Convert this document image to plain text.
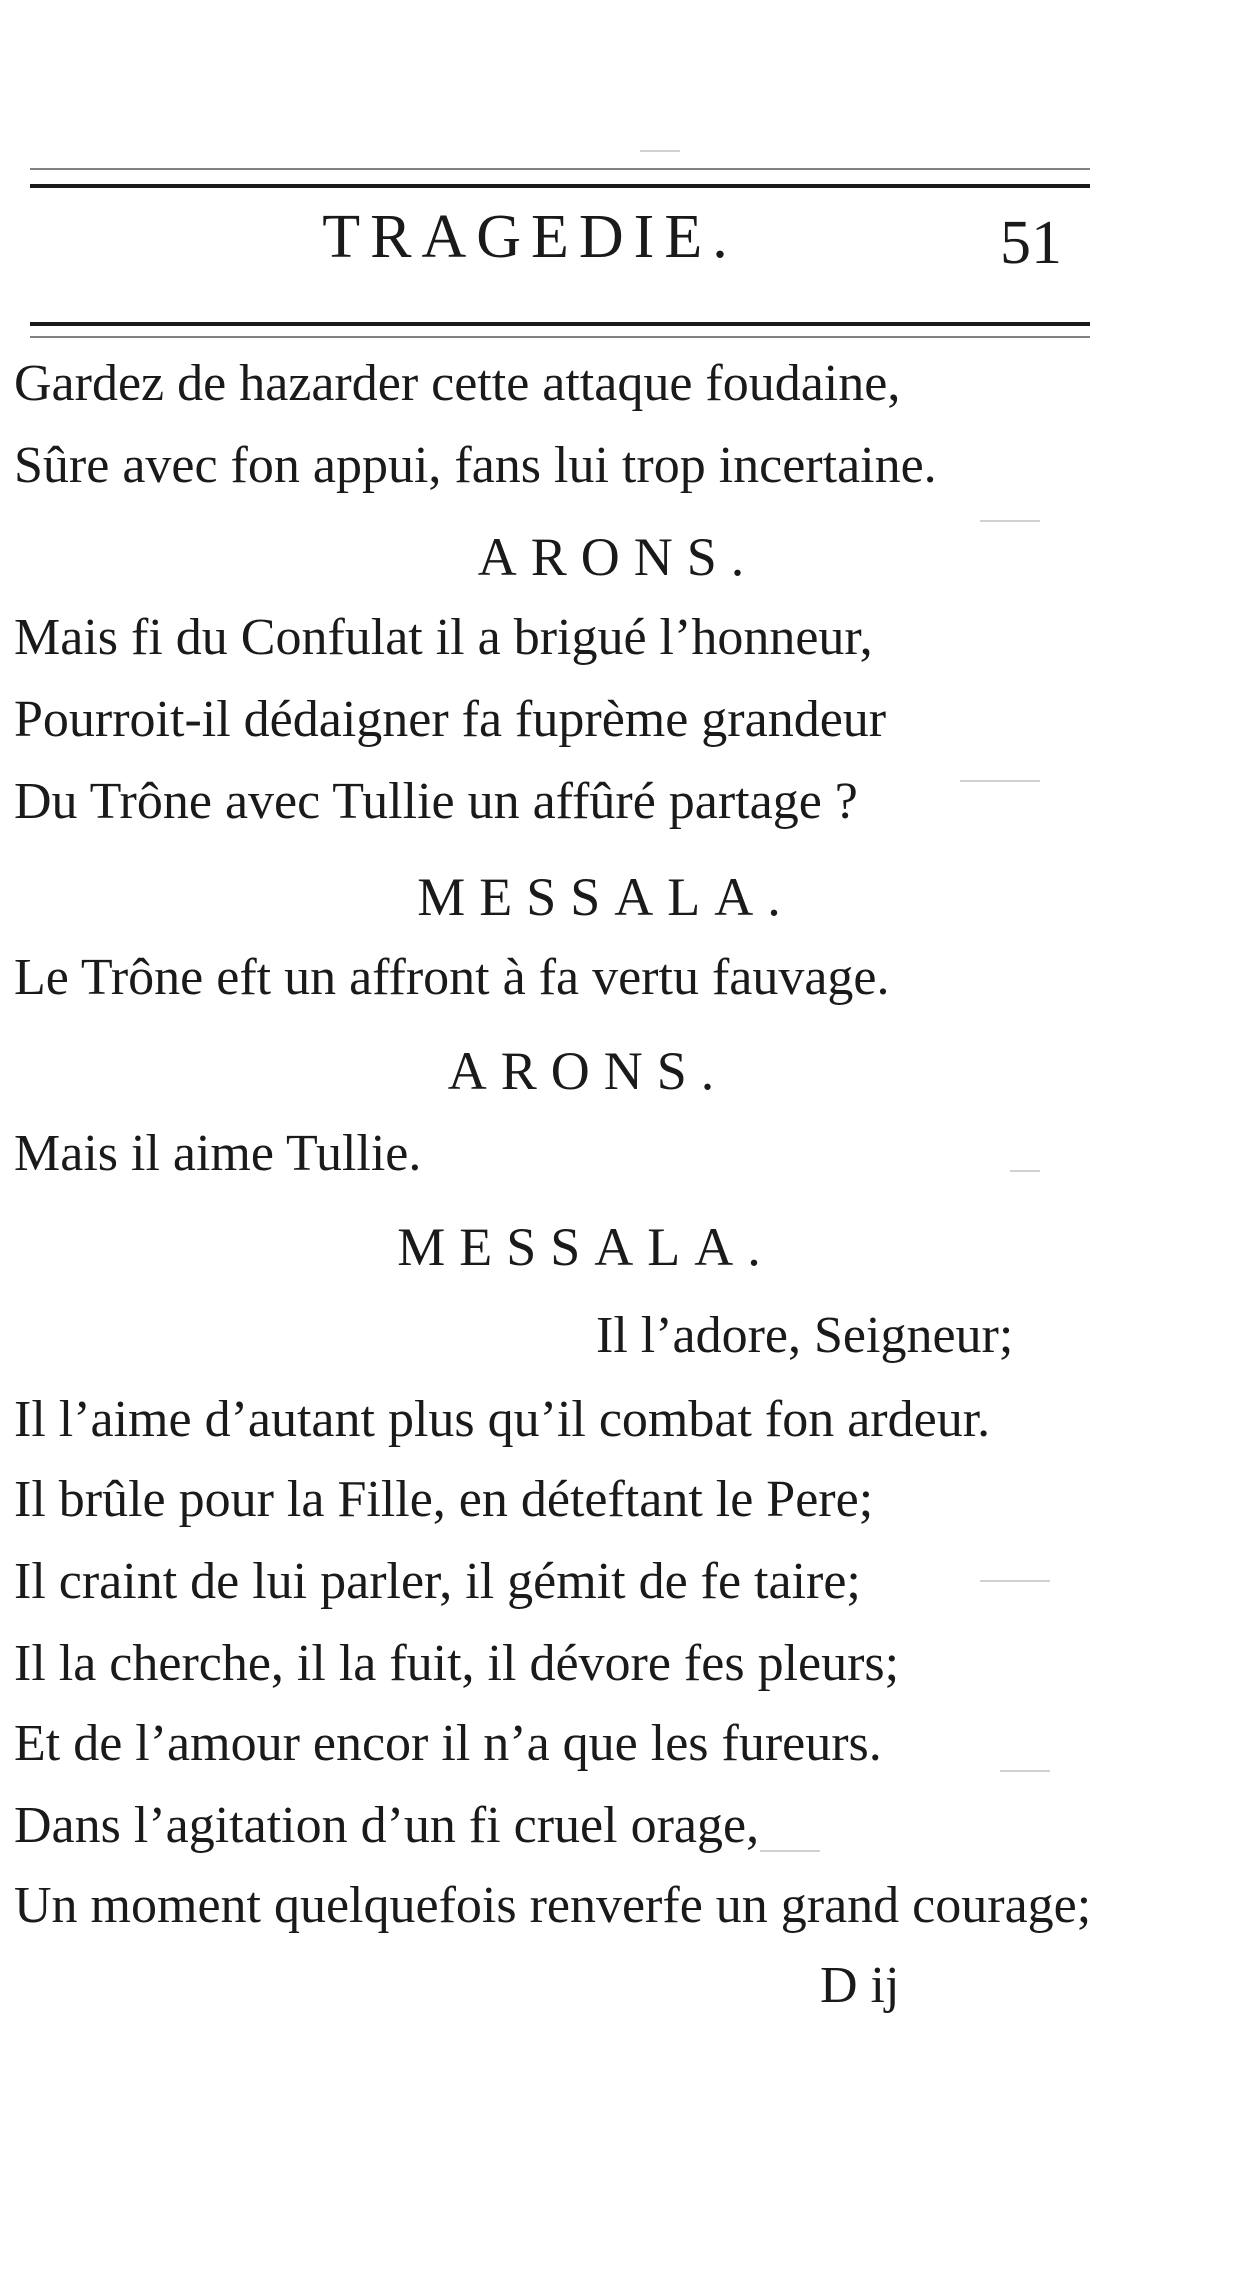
TRAGEDIE.	51
Gardez de hazarder cette attaque foudaine,
Sûre avec fon appui, fans lui trop incertaine.
ARONS.
Mais fi du Confulat il a brigué l’honneur,
Pourroit-il dédaigner fa fuprème grandeur
Du Trône avec Tullie un affûré partage ?
MESSALA.
Le Trône eft un affront à fa vertu fauvage.
ARONS.
Mais il aime Tullie.
MESSALA.
Il l’adore, Seigneur;
Il l’aime d’autant plus qu’il combat fon ardeur.
Il brûle pour la Fille, en déteftant le Pere;
Il craint de lui parler, il gémit de fe taire;
Il la cherche, il la fuit, il dévore fes pleurs;
Et de l’amour encor il n’a que les fureurs.
Dans l’agitation d’un fi cruel orage,
Un moment quelquefois renverfe un grand courage;
D ij
